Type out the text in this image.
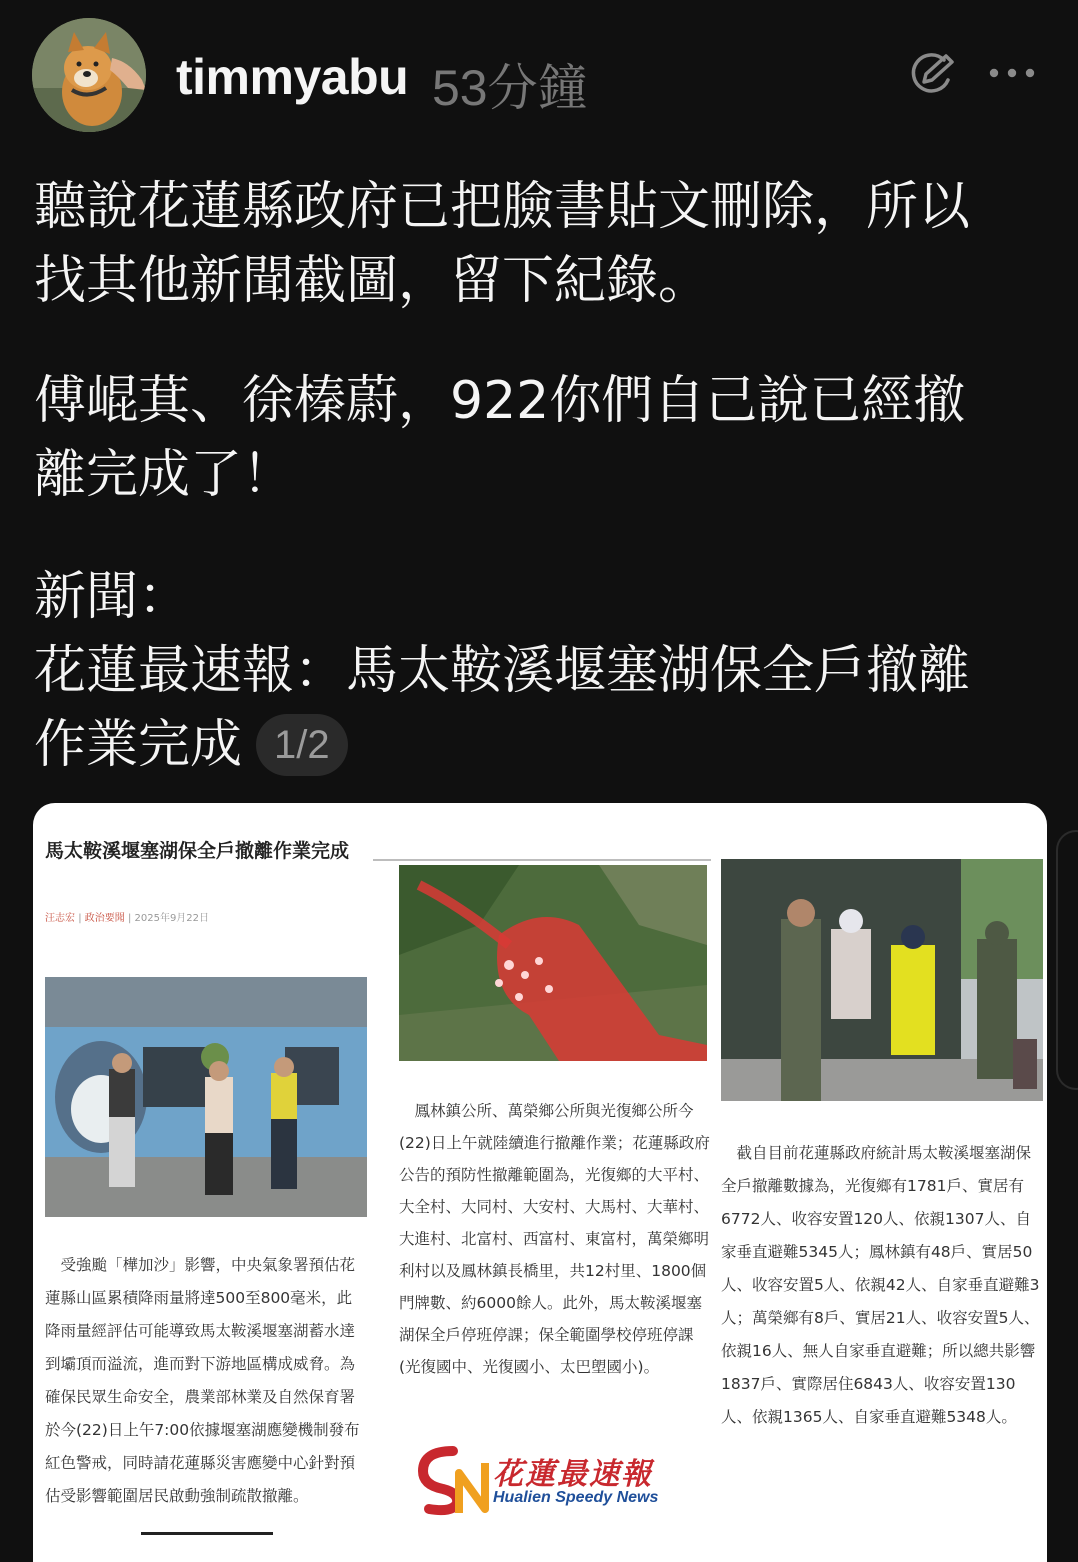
timmyabu 53分鐘
聽說花蓮縣政府已把臉書貼文刪除，所以
找其他新聞截圖，留下紀錄。
傅崐萁、徐榛蔚，922你們自己說已經撤
離完成了！
新聞：
花蓮最速報：馬太鞍溪堰塞湖保全戶撤離
作業完成 1/2
馬太鞍溪堰塞湖保全戶撤離作業完成
汪志宏 | 政治要聞 | 2025年9月22日
　受強颱「樺加沙」影響，中央氣象署預估花蓮縣山區累積降雨量將達500至800毫米，此降雨量經評估可能導致馬太鞍溪堰塞湖蓄水達到壩頂而溢流，進而對下游地區構成威脅。為確保民眾生命安全，農業部林業及自然保育署於今(22)日上午7:00依據堰塞湖應變機制發布紅色警戒，同時請花蓮縣災害應變中心針對預估受影響範圍居民啟動強制疏散撤離。
　鳳林鎮公所、萬榮鄉公所與光復鄉公所今(22)日上午就陸續進行撤離作業；花蓮縣政府公告的預防性撤離範圍為，光復鄉的大平村、大全村、大同村、大安村、大馬村、大華村、大進村、北富村、西富村、東富村，萬榮鄉明利村以及鳳林鎮長橋里，共12村里、1800個門牌數、約6000餘人。此外，馬太鞍溪堰塞湖保全戶停班停課；保全範圍學校停班停課(光復國中、光復國小、太巴塱國小)。
　截自目前花蓮縣政府統計馬太鞍溪堰塞湖保全戶撤離數據為，光復鄉有1781戶、實居有6772人、收容安置120人、依親1307人、自家垂直避難5345人；鳳林鎮有48戶、實居50人、收容安置5人、依親42人、自家垂直避難3人；萬榮鄉有8戶、實居21人、收容安置5人、依親16人、無人自家垂直避難；所以總共影響1837戶、實際居住6843人、收容安置130人、依親1365人、自家垂直避難5348人。
花蓮最速報
Hualien Speedy News
